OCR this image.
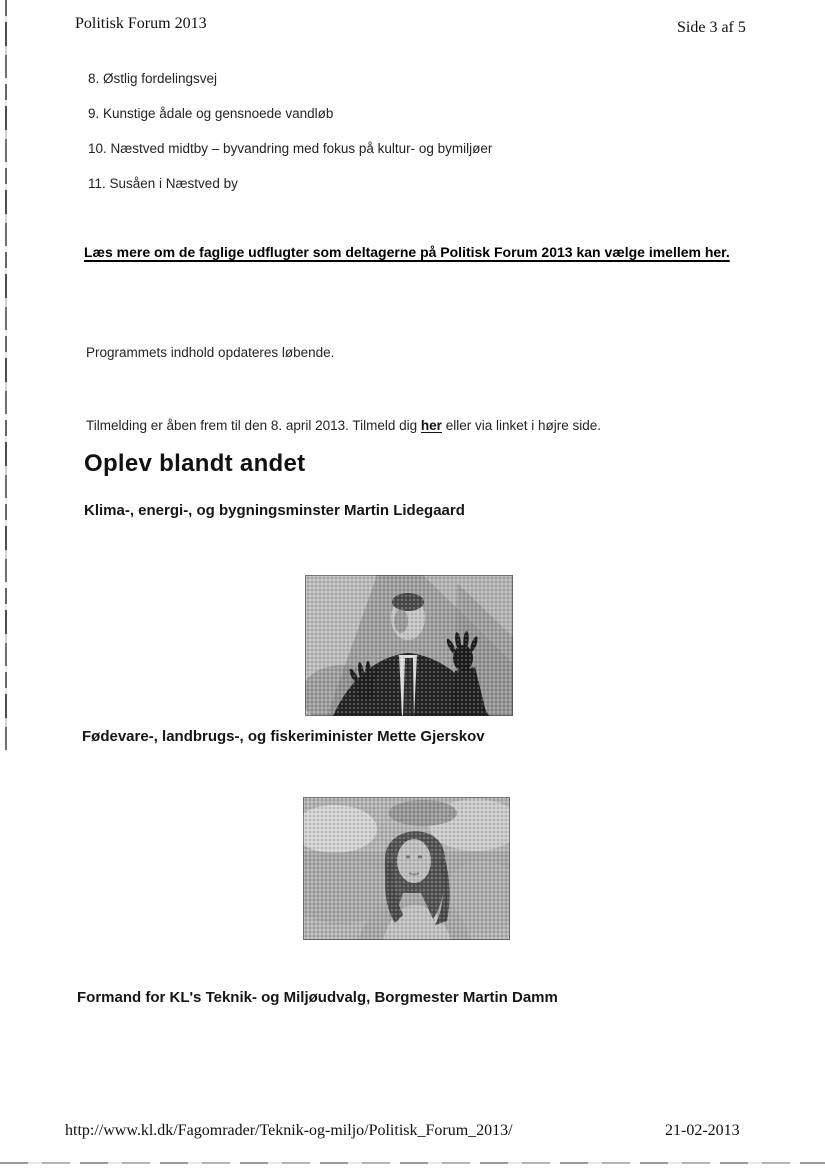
Politisk Forum 2013	Side 3 af 5
8. Østlig fordelingsvej
9. Kunstige ådale og gensnoede vandløb
10. Næstved midtby – byvandring med fokus på kultur- og bymiljøer
11. Susåen i Næstved by
Læs mere om de faglige udflugter som deltagerne på Politisk Forum 2013 kan vælge imellem her.
Programmets indhold opdateres løbende.
Tilmelding er åben frem til den 8. april 2013. Tilmeld dig her eller via linket i højre side.
Oplev blandt andet
Klima-, energi-, og bygningsminster Martin Lidegaard
Fødevare-, landbrugs-, og fiskeriminister Mette Gjerskov
Formand for KL's Teknik- og Miljøudvalg, Borgmester Martin Damm
http://www.kl.dk/Fagomrader/Teknik-og-miljo/Politisk_Forum_2013/	21-02-2013
